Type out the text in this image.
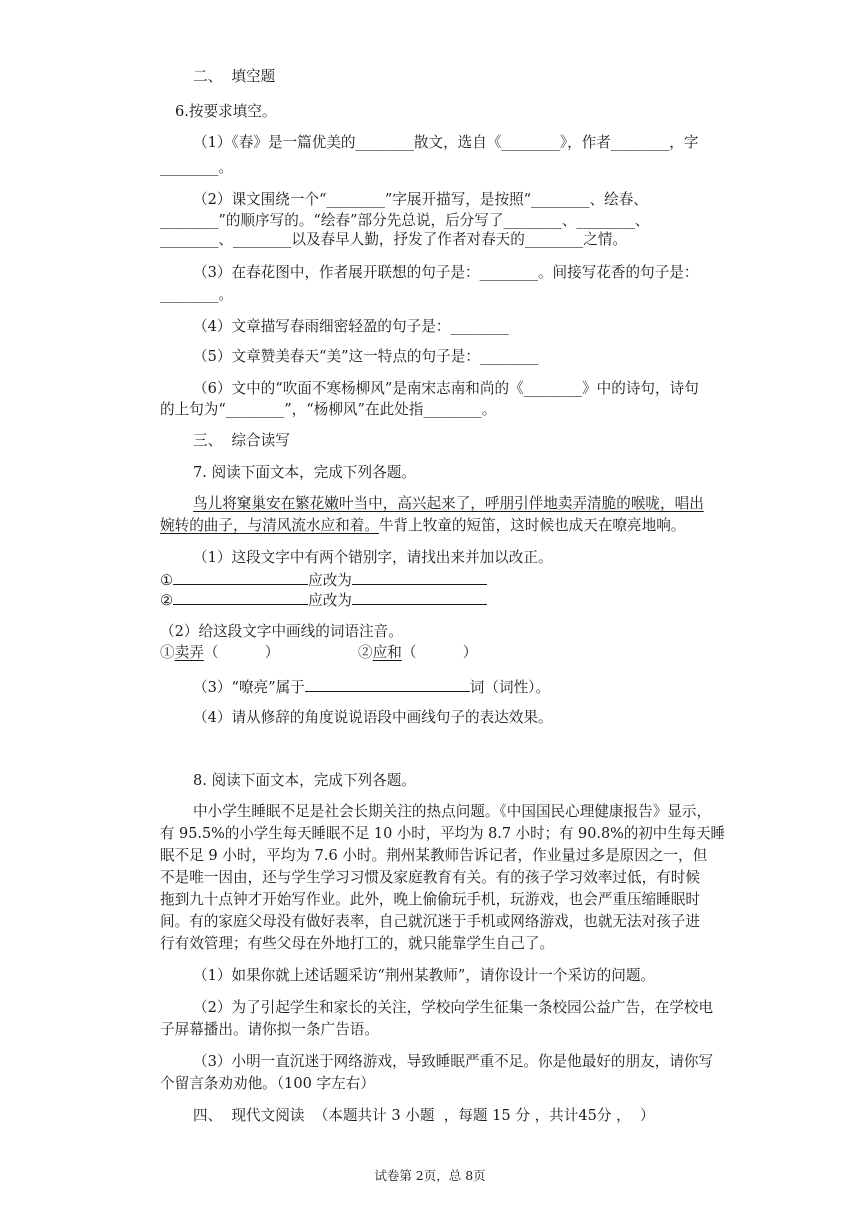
二、  填空题
6.按要求填空。
（1）《春》是一篇优美的________散文，选自《________》，作者________，字
________。
（2）课文围绕一个“________”字展开描写，是按照“________、绘春、
________”的顺序写的。“绘春”部分先总说，后分写了________、________、
________、________以及春早人勤，抒发了作者对春天的________之情。
（3）在春花图中，作者展开联想的句子是：________。间接写花香的句子是：
________。
（4）文章描写春雨细密轻盈的句子是：________
（5）文章赞美春天“美”这一特点的句子是：________
（6）文中的“吹面不寒杨柳风”是南宋志南和尚的《________》中的诗句，诗句
的上句为“________”，“杨柳风”在此处指________。
三、  综合读写
7. 阅读下面文本，完成下列各题。
鸟儿将窠巢安在繁花嫩叶当中，高兴起来了，呼朋引伴地卖弄清脆的喉咙，唱出
婉转的曲子，与清风流水应和着。牛背上牧童的短笛，这时候也成天在嘹亮地响。
（1）这段文字中有两个错别字，请找出来并加以改正。
①	应改为
②	应改为
（2）给这段文字中画线的词语注音。
①卖弄（          ）	②应和（          ）
（3）“嘹亮”属于	词（词性）。
（4）请从修辞的角度说说语段中画线句子的表达效果。
8. 阅读下面文本，完成下列各题。
中小学生睡眠不足是社会长期关注的热点问题。《中国国民心理健康报告》显示，
有 95.5%的小学生每天睡眠不足 10 小时，平均为 8.7 小时；有 90.8%的初中生每天睡
眠不足 9 小时，平均为 7.6 小时。荆州某教师告诉记者，作业量过多是原因之一，但
不是唯一因由，还与学生学习习惯及家庭教育有关。有的孩子学习效率过低，有时候
拖到九十点钟才开始写作业。此外，晚上偷偷玩手机，玩游戏，也会严重压缩睡眠时
间。有的家庭父母没有做好表率，自己就沉迷于手机或网络游戏，也就无法对孩子进
行有效管理；有些父母在外地打工的，就只能靠学生自己了。
（1）如果你就上述话题采访“荆州某教师”，请你设计一个采访的问题。
（2）为了引起学生和家长的关注，学校向学生征集一条校园公益广告，在学校电
子屏幕播出。请你拟一条广告语。
（3）小明一直沉迷于网络游戏，导致睡眠严重不足。你是他最好的朋友，请你写
个留言条劝劝他。（100 字左右）
四、  现代文阅读  （本题共计 3 小题  ，每题 15 分 ，共计45分 ，  ）
试卷第 2页，总 8页
